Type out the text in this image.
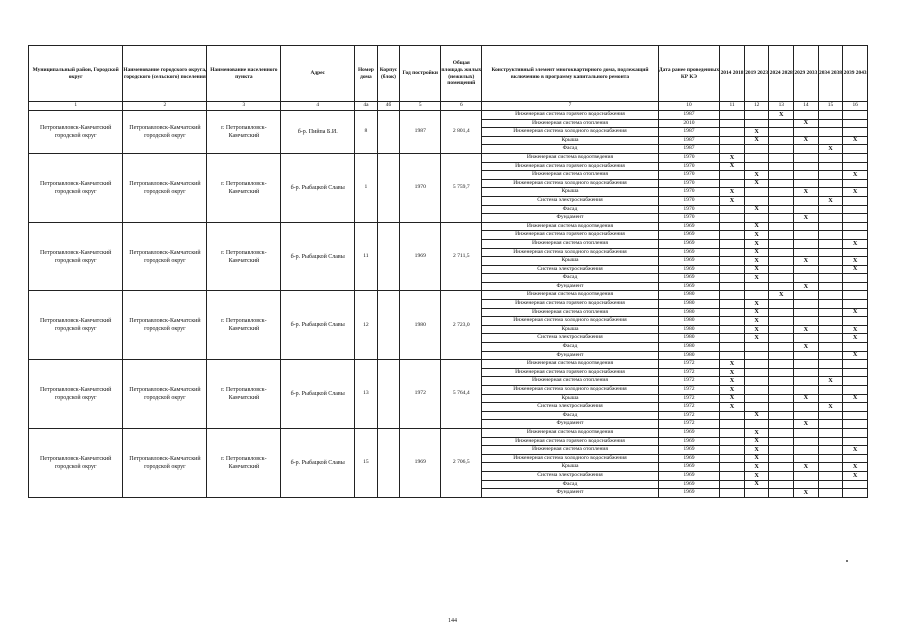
Муниципальный район, Городской округ	Наименование городского округа, городского (сельского) поселения	Наименование населенного пункта	Адрес	Номер дома	Корпус (блок)	Год постройки	Общая площадь жилых (нежилых) помещений	Конструктивный элемент многоквартирного дома, подлежащий включению в программу капитального ремонта	Дата ранее проведенных КР КЭ	2014 2018	2019 2023	2024 2028	2029 2033	2034 2038	2039 2043
1	2	3	4	4а	4б	5	6	7	10	11	12	13	14	15	16
Петропавловск-Камчатский городской округ	Петропавловск-Камчатский городской округ	г. Петропавловск-Камчатский	б-р. Пийпа Б.И.	8		1987	2 801,4	Инженерная система горячего водоснабжения	1987			X			
								Инженерная система отопления	2010				X		
								Инженерная система холодного водоснабжения	1987		X				
								Крыша	1987		X		X		X
								Фасад	1987					X	
Петропавловск-Камчатский городской округ	Петропавловск-Камчатский городской округ	г. Петропавловск-Камчатский	б-р. Рыбацкой Славы	1		1970	5 759,7	Инженерная система водоотведения	1970	X					
								Инженерная система горячего водоснабжения	1970	X					
								Инженерная система отопления	1970		X				X
								Инженерная система холодного водоснабжения	1970		X				
								Крыша	1970	X			X		X
								Система электроснабжения	1970	X				X	
								Фасад	1970		X				
								Фундамент	1970				X		
Петропавловск-Камчатский городской округ	Петропавловск-Камчатский городской округ	г. Петропавловск-Камчатский	б-р. Рыбацкой Славы	11		1969	2 711,5	Инженерная система водоотведения	1969		X				
								Инженерная система горячего водоснабжения	1969		X				
								Инженерная система отопления	1969		X				X
								Инженерная система холодного водоснабжения	1969		X				
								Крыша	1969		X		X		X
								Система электроснабжения	1969		X				X
								Фасад	1969		X				
								Фундамент	1969				X		
Петропавловск-Камчатский городской округ	Петропавловск-Камчатский городской округ	г. Петропавловск-Камчатский	б-р. Рыбацкой Славы	12		1980	2 723,0	Инженерная система водоотведения	1980			X			
								Инженерная система горячего водоснабжения	1980		X				
								Инженерная система отопления	1980		X				X
								Инженерная система холодного водоснабжения	1980		X				
								Крыша	1980		X		X		X
								Система электроснабжения	1980		X				X
								Фасад	1980				X		
								Фундамент	1980						X
Петропавловск-Камчатский городской округ	Петропавловск-Камчатский городской округ	г. Петропавловск-Камчатский	б-р. Рыбацкой Славы	13		1972	5 764,4	Инженерная система водоотведения	1972	X					
								Инженерная система горячего водоснабжения	1972	X					
								Инженерная система отопления	1972	X				X	
								Инженерная система холодного водоснабжения	1972	X					
								Крыша	1972	X			X		X
								Система электроснабжения	1972	X				X	
								Фасад	1972		X				
								Фундамент	1972				X		
Петропавловск-Камчатский городской округ	Петропавловск-Камчатский городской округ	г. Петропавловск-Камчатский	б-р. Рыбацкой Славы	15		1969	2 706,5	Инженерная система водоотведения	1969		X				
								Инженерная система горячего водоснабжения	1969		X				
								Инженерная система отопления	1969		X				X
								Инженерная система холодного водоснабжения	1969		X				
								Крыша	1969		X		X		X
								Система электроснабжения	1969		X				X
								Фасад	1969		X				
								Фундамент	1969				X		
144
